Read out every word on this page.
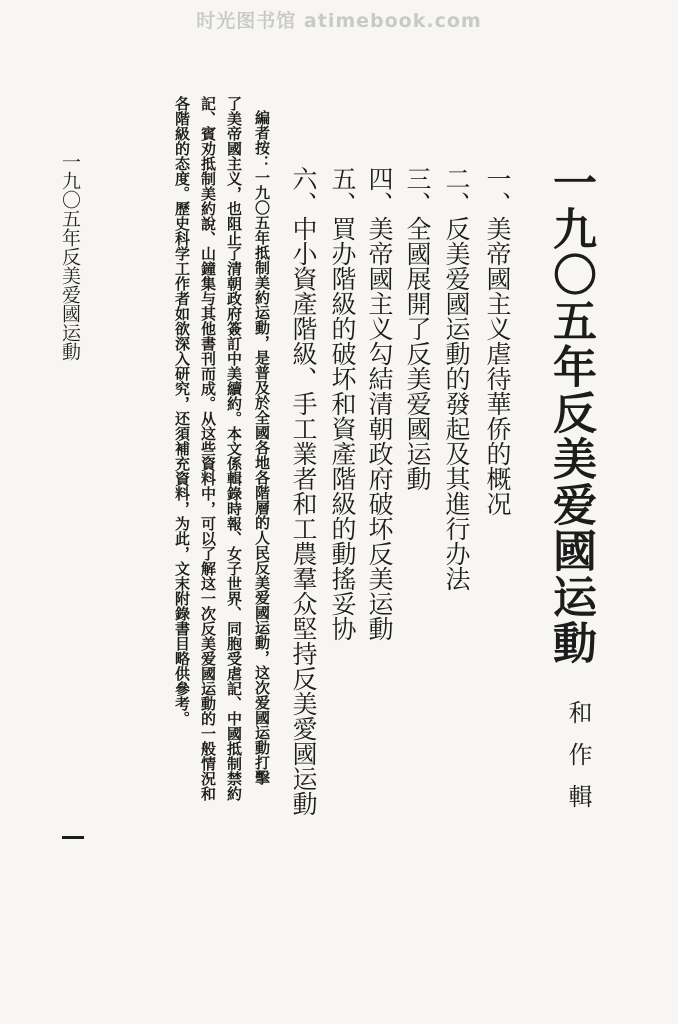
时光图书馆 atimebook.com
一九〇五年反美爱國运動
和作輯
一、美帝國主义虐待華侨的概况
二、反美爱國运動的發起及其進行办法
三、全國展開了反美爱國运動
四、美帝國主义勾結清朝政府破坏反美运動
五、買办階級的破坏和資產階級的動搖妥协
六、中小資產階級、手工業者和工農羣众堅持反美愛國运動
編者按：一九〇五年抵制美約运動，是普及於全國各地各階層的人民反美爱國运動，这次爱國运動打擊
了美帝國主义，也阻止了清朝政府簽訂中美續約。本文係輯錄時報、女子世界、同胞受虐記、中國抵制禁約
記、賓劝抵制美約說、山鐘集与其他書刊而成。从这些資料中，可以了解这一次反美爱國运動的一般情況和
各階級的态度。歷史科学工作者如欲深入研究，还須補充資料，为此，文末附錄書目略供參考。
一九〇五年反美爱國运動
